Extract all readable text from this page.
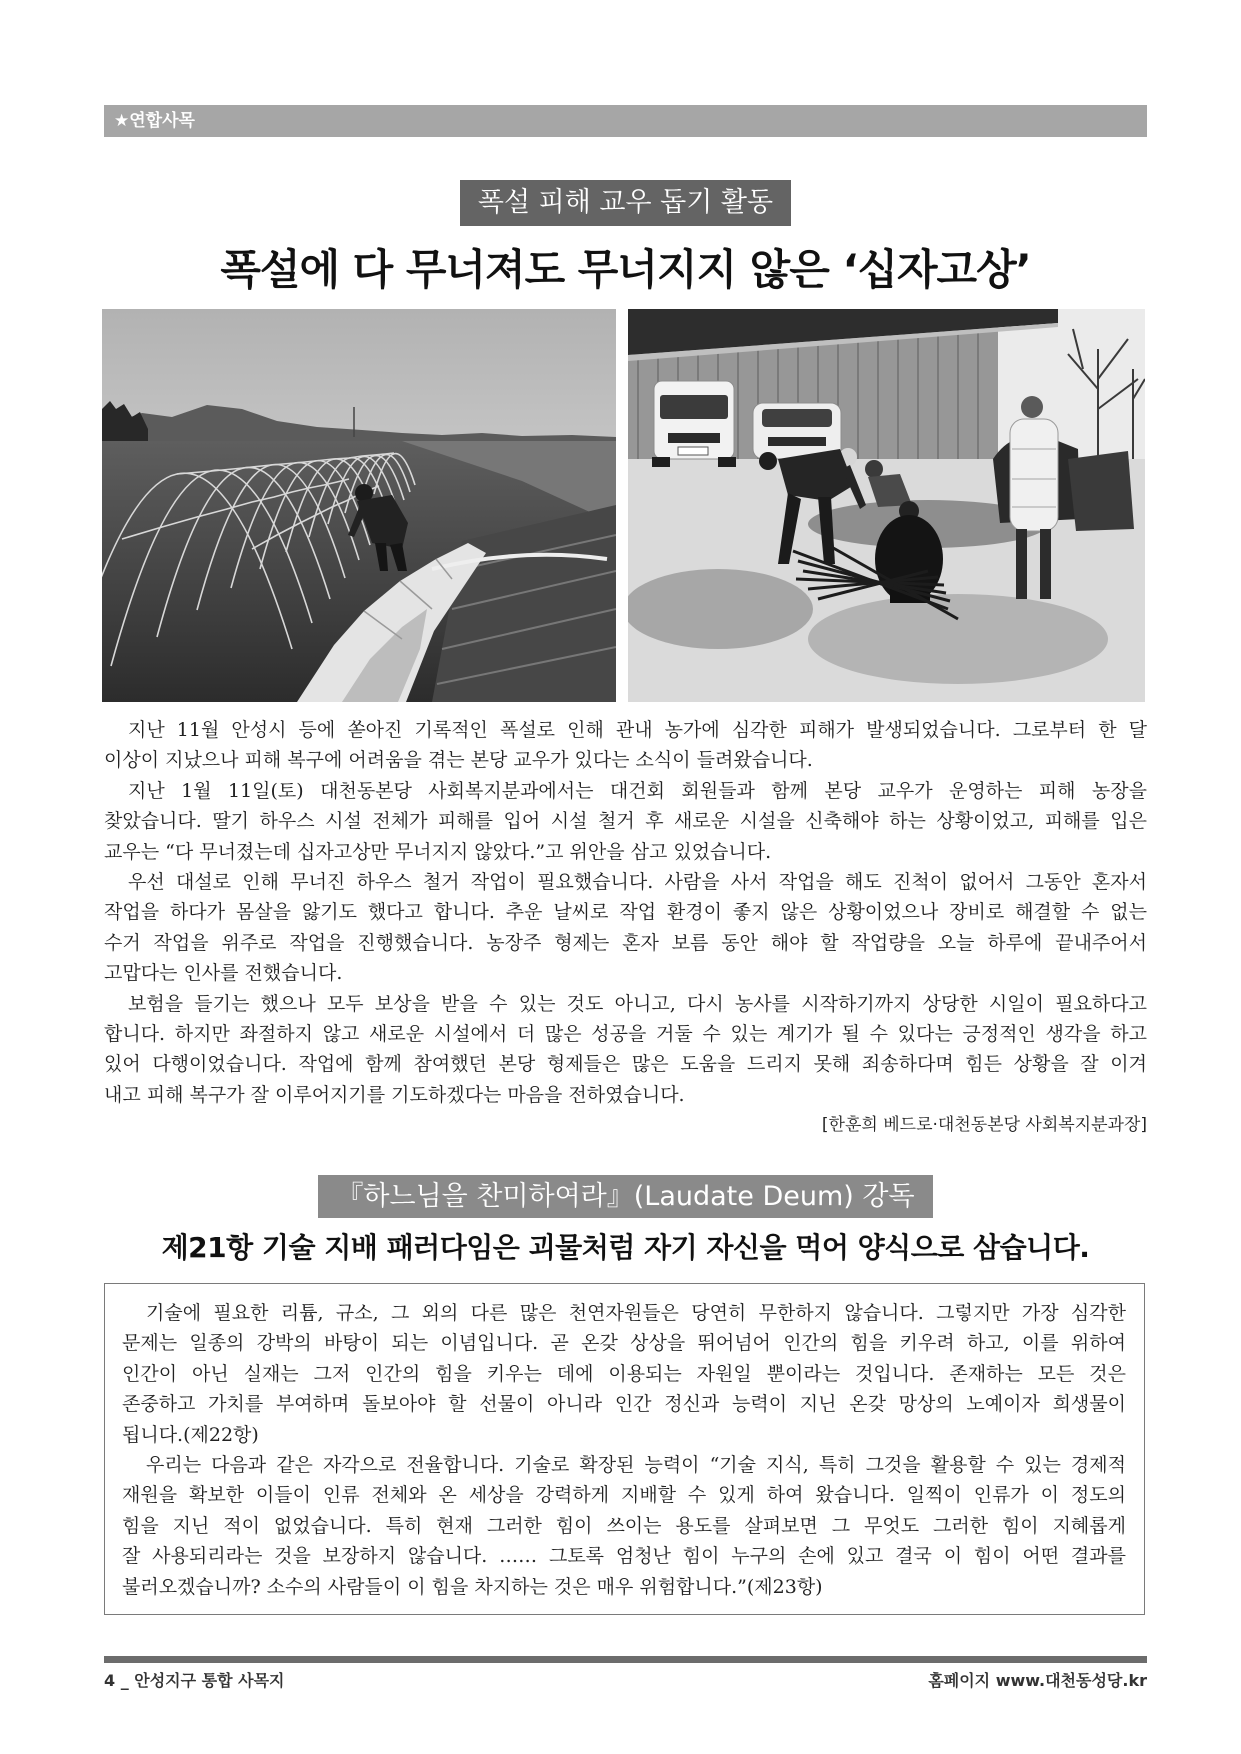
★연합사목
폭설 피해 교우 돕기 활동
폭설에 다 무너져도 무너지지 않은 ‘십자고상’
지난 11월 안성시 등에 쏟아진 기록적인 폭설로 인해 관내 농가에 심각한 피해가 발생되었습니다. 그로부터 한 달
이상이 지났으나 피해 복구에 어려움을 겪는 본당 교우가 있다는 소식이 들려왔습니다.
지난 1월 11일(토) 대천동본당 사회복지분과에서는 대건회 회원들과 함께 본당 교우가 운영하는 피해 농장을
찾았습니다. 딸기 하우스 시설 전체가 피해를 입어 시설 철거 후 새로운 시설을 신축해야 하는 상황이었고, 피해를 입은
교우는 “다 무너졌는데 십자고상만 무너지지 않았다.”고 위안을 삼고 있었습니다.
우선 대설로 인해 무너진 하우스 철거 작업이 필요했습니다. 사람을 사서 작업을 해도 진척이 없어서 그동안 혼자서
작업을 하다가 몸살을 앓기도 했다고 합니다. 추운 날씨로 작업 환경이 좋지 않은 상황이었으나 장비로 해결할 수 없는
수거 작업을 위주로 작업을 진행했습니다. 농장주 형제는 혼자 보름 동안 해야 할 작업량을 오늘 하루에 끝내주어서
고맙다는 인사를 전했습니다.
보험을 들기는 했으나 모두 보상을 받을 수 있는 것도 아니고, 다시 농사를 시작하기까지 상당한 시일이 필요하다고
합니다. 하지만 좌절하지 않고 새로운 시설에서 더 많은 성공을 거둘 수 있는 계기가 될 수 있다는 긍정적인 생각을 하고
있어 다행이었습니다. 작업에 함께 참여했던 본당 형제들은 많은 도움을 드리지 못해 죄송하다며 힘든 상황을 잘 이겨
내고 피해 복구가 잘 이루어지기를 기도하겠다는 마음을 전하였습니다.
[한훈희 베드로·대천동본당 사회복지분과장]
『하느님을 찬미하여라』(Laudate Deum) 강독
제21항 기술 지배 패러다임은 괴물처럼 자기 자신을 먹어 양식으로 삼습니다.
기술에 필요한 리튬, 규소, 그 외의 다른 많은 천연자원들은 당연히 무한하지 않습니다. 그렇지만 가장 심각한
문제는 일종의 강박의 바탕이 되는 이념입니다. 곧 온갖 상상을 뛰어넘어 인간의 힘을 키우려 하고, 이를 위하여
인간이 아닌 실재는 그저 인간의 힘을 키우는 데에 이용되는 자원일 뿐이라는 것입니다. 존재하는 모든 것은
존중하고 가치를 부여하며 돌보아야 할 선물이 아니라 인간 정신과 능력이 지닌 온갖 망상의 노예이자 희생물이
됩니다.(제22항)
우리는 다음과 같은 자각으로 전율합니다. 기술로 확장된 능력이 “기술 지식, 특히 그것을 활용할 수 있는 경제적
재원을 확보한 이들이 인류 전체와 온 세상을 강력하게 지배할 수 있게 하여 왔습니다. 일찍이 인류가 이 정도의
힘을 지닌 적이 없었습니다. 특히 현재 그러한 힘이 쓰이는 용도를 살펴보면 그 무엇도 그러한 힘이 지혜롭게
잘 사용되리라는 것을 보장하지 않습니다. …… 그토록 엄청난 힘이 누구의 손에 있고 결국 이 힘이 어떤 결과를
불러오겠습니까? 소수의 사람들이 이 힘을 차지하는 것은 매우 위험합니다.”(제23항)
4 _ 안성지구 통합 사목지	홈페이지 www.대천동성당.kr
